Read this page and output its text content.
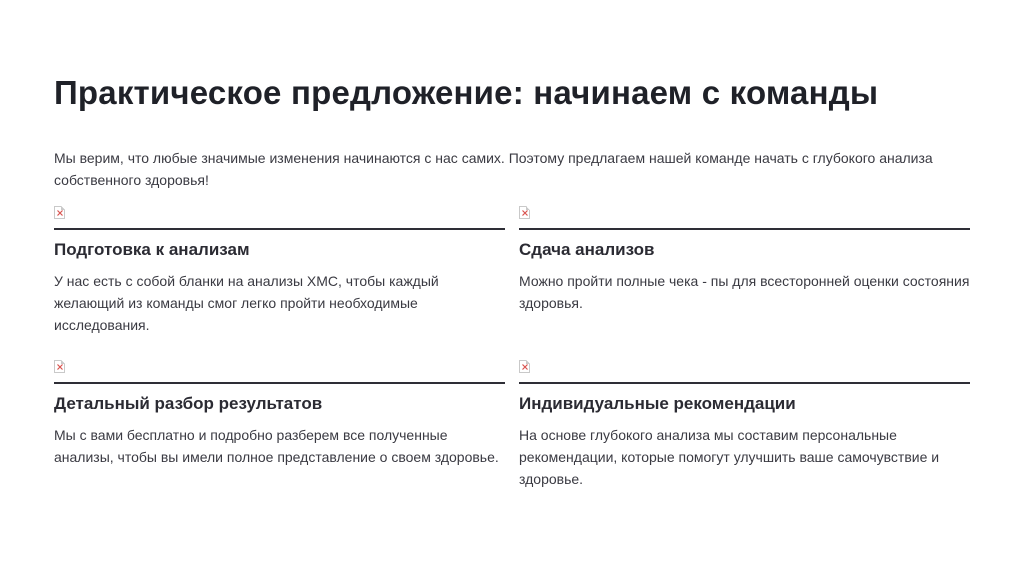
Практическое предложение: начинаем с команды

Мы верим, что любые значимые изменения начинаются с нас самих. Поэтому предлагаем нашей команде начать с глубокого анализа собственного здоровья!

Подготовка к анализам
У нас есть с собой бланки на анализы ХМС, чтобы каждый желающий из команды смог легко пройти необходимые исследования.
Сдача анализов
Можно пройти полные чека - пы для всесторонней оценки состояния здоровья.
Детальный разбор результатов
Мы с вами бесплатно и подробно разберем все полученные анализы, чтобы вы имели полное представление о своем здоровье.
Индивидуальные рекомендации
На основе глубокого анализа мы составим персональные рекомендации, которые помогут улучшить ваше самочувствие и здоровье.
